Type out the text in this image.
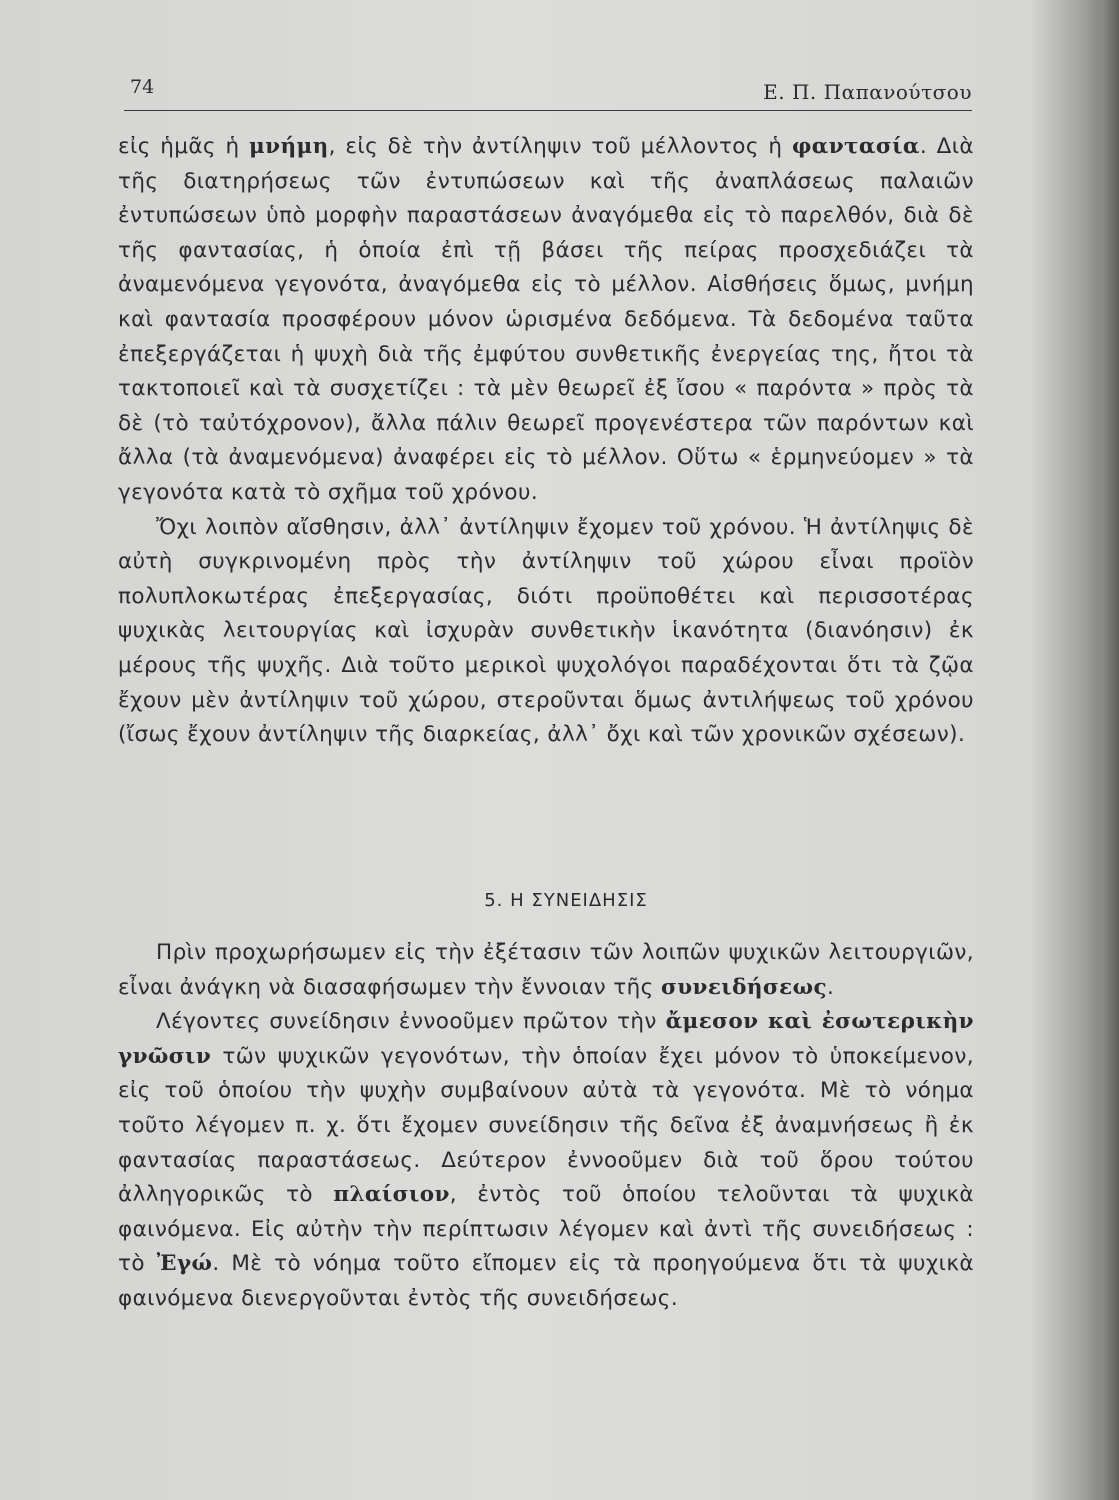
74	Ε. Π. Παπανούτσου

εἰς ἡμᾶς ἡ μνήμη, εἰς δὲ τὴν ἀντίληψιν τοῦ μέλλοντος ἡ φαντασία. Διὰ τῆς διατηρήσεως τῶν ἐντυπώσεων καὶ τῆς ἀναπλάσεως παλαιῶν ἐντυπώσεων ὑπὸ μορφὴν παραστάσεων ἀναγόμεθα εἰς τὸ παρελθόν, διὰ δὲ τῆς φαντασίας, ἡ ὁποία ἐπὶ τῇ βάσει τῆς πείρας προσχεδιάζει τὰ ἀναμενόμενα γεγονότα, ἀναγόμεθα εἰς τὸ μέλλον. Αἰσθήσεις ὅμως, μνήμη καὶ φαντασία προσφέρουν μόνον ὡρισμένα δεδόμενα. Τὰ δεδομένα ταῦτα ἐπεξεργάζεται ἡ ψυχὴ διὰ τῆς ἐμφύτου συνθετικῆς ἐνεργείας της, ἤτοι τὰ τακτοποιεῖ καὶ τὰ συσχετίζει : τὰ μὲν θεωρεῖ ἐξ ἴσου « παρόντα » πρὸς τὰ δὲ (τὸ ταὐτόχρονον), ἄλλα πάλιν θεωρεῖ προγενέστερα τῶν παρόντων καὶ ἄλλα (τὰ ἀναμενόμενα) ἀναφέρει εἰς τὸ μέλλον. Οὕτω « ἑρμηνεύομεν » τὰ γεγονότα κατὰ τὸ σχῆμα τοῦ χρόνου.

Ὄχι λοιπὸν αἴσθησιν, ἀλλ᾽ ἀντίληψιν ἔχομεν τοῦ χρόνου. Ἡ ἀντίληψις δὲ αὐτὴ συγκρινομένη πρὸς τὴν ἀντίληψιν τοῦ χώρου εἶναι προϊὸν πολυπλοκωτέρας ἐπεξεργασίας, διότι προϋποθέτει καὶ περισσοτέρας ψυχικὰς λειτουργίας καὶ ἰσχυρὰν συνθετικὴν ἱκανότητα (διανόησιν) ἐκ μέρους τῆς ψυχῆς. Διὰ τοῦτο μερικοὶ ψυχολόγοι παραδέχονται ὅτι τὰ ζῷα ἔχουν μὲν ἀντίληψιν τοῦ χώρου, στεροῦνται ὅμως ἀντιλήψεως τοῦ χρόνου (ἴσως ἔχουν ἀντίληψιν τῆς διαρκείας, ἀλλ᾽ ὄχι καὶ τῶν χρονικῶν σχέσεων).

5. Η ΣΥΝΕΙΔΗΣΙΣ

Πρὶν προχωρήσωμεν εἰς τὴν ἐξέτασιν τῶν λοιπῶν ψυχικῶν λειτουργιῶν, εἶναι ἀνάγκη νὰ διασαφήσωμεν τὴν ἔννοιαν τῆς συνειδήσεως.

Λέγοντες συνείδησιν ἐννοοῦμεν πρῶτον τὴν ἄμεσον καὶ ἐσωτερικὴν γνῶσιν τῶν ψυχικῶν γεγονότων, τὴν ὁποίαν ἔχει μόνον τὸ ὑποκείμενον, εἰς τοῦ ὁποίου τὴν ψυχὴν συμβαίνουν αὐτὰ τὰ γεγονότα. Μὲ τὸ νόημα τοῦτο λέγομεν π. χ. ὅτι ἔχομεν συνείδησιν τῆς δεῖνα ἐξ ἀναμνήσεως ἢ ἐκ φαντασίας παραστάσεως. Δεύτερον ἐννοοῦμεν διὰ τοῦ ὅρου τούτου ἀλληγορικῶς τὸ πλαίσιον, ἐντὸς τοῦ ὁποίου τελοῦνται τὰ ψυχικὰ φαινόμενα. Εἰς αὐτὴν τὴν περίπτωσιν λέγομεν καὶ ἀντὶ τῆς συνειδήσεως : τὸ Ἐγώ. Μὲ τὸ νόημα τοῦτο εἴπομεν εἰς τὰ προηγούμενα ὅτι τὰ ψυχικὰ φαινόμενα διενεργοῦνται ἐντὸς τῆς συνειδήσεως.
